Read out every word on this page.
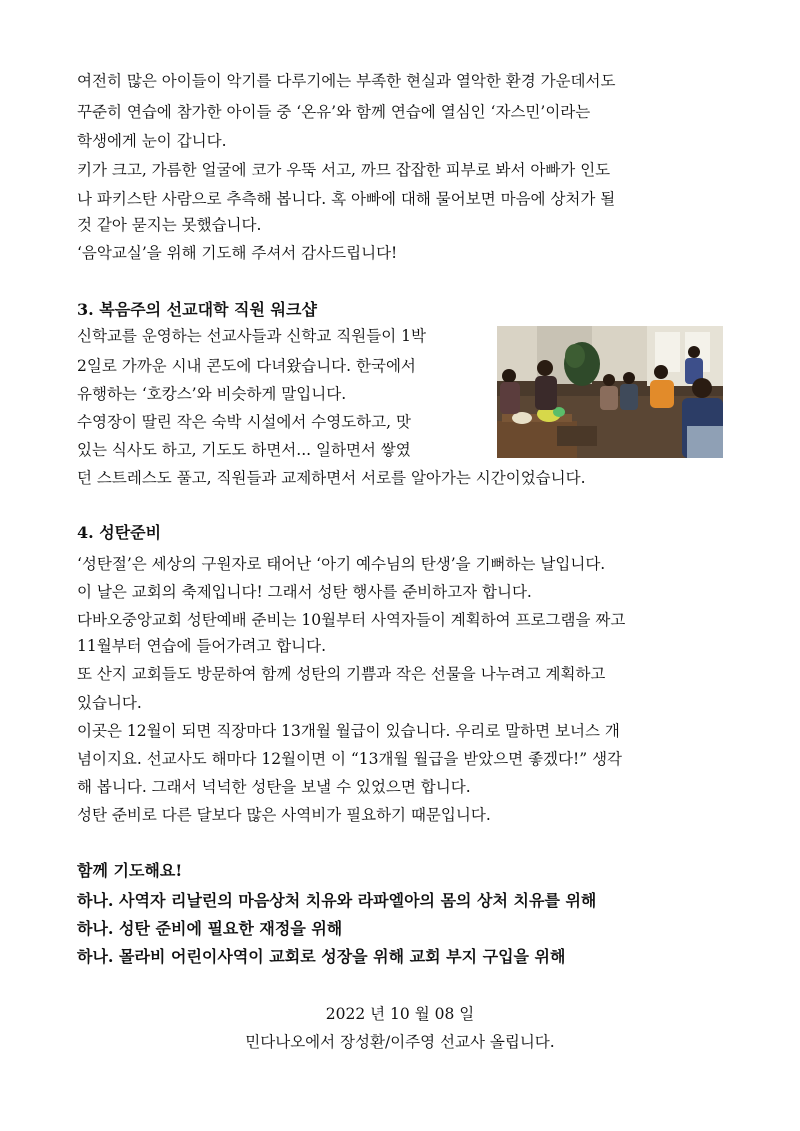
여전히 많은 아이들이 악기를 다루기에는 부족한 현실과 열악한 환경 가운데서도

꾸준히 연습에 참가한 아이들 중 ‘온유’와 함께 연습에 열심인 ‘자스민’이라는

학생에게 눈이 갑니다.

키가 크고, 가름한 얼굴에 코가 우뚝 서고, 까므 잡잡한 피부로 봐서 아빠가 인도

나 파키스탄 사람으로 추측해 봅니다. 혹 아빠에 대해 물어보면 마음에 상처가 될

것 같아 묻지는 못했습니다.

‘음악교실’을 위해 기도해 주셔서 감사드립니다!

3. 복음주의 선교대학 직원 워크샵

신학교를 운영하는 선교사들과 신학교 직원들이 1박

2일로 가까운 시내 콘도에 다녀왔습니다. 한국에서

유행하는 ‘호캉스’와 비슷하게 말입니다.

수영장이 딸린 작은 숙박 시설에서 수영도하고, 맛

있는 식사도 하고, 기도도 하면서... 일하면서 쌓였

던 스트레스도 풀고, 직원들과 교제하면서 서로를 알아가는 시간이었습니다.

4. 성탄준비

‘성탄절’은 세상의 구원자로 태어난 ‘아기 예수님의 탄생’을 기뻐하는 날입니다.

이 날은 교회의 축제입니다! 그래서 성탄 행사를 준비하고자 합니다.

다바오중앙교회 성탄예배 준비는 10월부터 사역자들이 계획하여 프로그램을 짜고

11월부터 연습에 들어가려고 합니다.

또 산지 교회들도 방문하여 함께 성탄의 기쁨과 작은 선물을 나누려고 계획하고

있습니다.

이곳은 12월이 되면 직장마다 13개월 월급이 있습니다. 우리로 말하면 보너스 개

념이지요. 선교사도 해마다 12월이면 이 “13개월 월급을 받았으면 좋겠다!” 생각

해 봅니다. 그래서 넉넉한 성탄을 보낼 수 있었으면 합니다.

성탄 준비로 다른 달보다 많은 사역비가 필요하기 때문입니다.

함께 기도해요!

하나. 사역자 리날린의 마음상처 치유와 라파엘아의 몸의 상처 치유를 위해

하나. 성탄 준비에 필요한 재정을 위해

하나. 몰라비 어린이사역이 교회로 성장을 위해 교회 부지 구입을 위해

2022 년 10 월 08 일

민다나오에서 장성환/이주영 선교사 올립니다.
